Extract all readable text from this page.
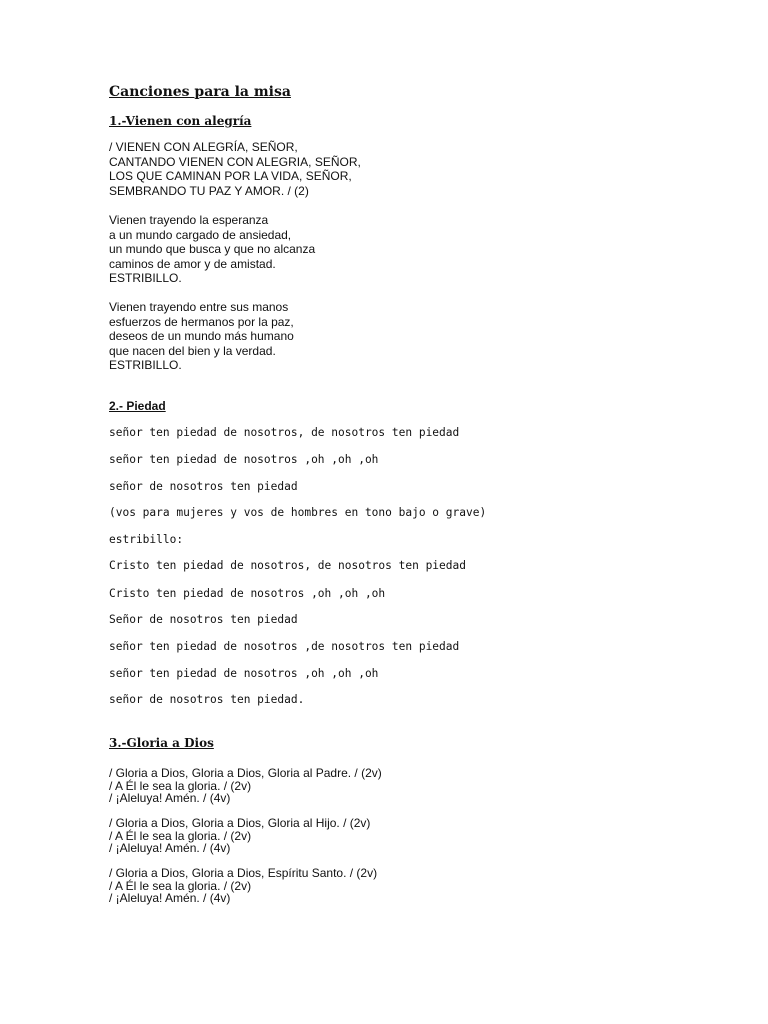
Canciones para la misa
1.-Vienen con alegría
/ VIENEN CON ALEGRÍA, SEÑOR,
CANTANDO VIENEN CON ALEGRIA, SEÑOR,
LOS QUE CAMINAN POR LA VIDA, SEÑOR,
SEMBRANDO TU PAZ Y AMOR. / (2)
Vienen trayendo la esperanza
a un mundo cargado de ansiedad,
un mundo que busca y que no alcanza
caminos de amor y de amistad.
ESTRIBILLO.
Vienen trayendo entre sus manos
esfuerzos de hermanos por la paz,
deseos de un mundo más humano
que nacen del bien y la verdad.
ESTRIBILLO.
2.- Piedad
señor ten piedad de nosotros, de nosotros ten piedad
señor ten piedad de nosotros ,oh ,oh ,oh
señor de nosotros ten piedad
(vos para mujeres y vos de hombres en tono bajo o grave)
estribillo:
Cristo ten piedad de nosotros, de nosotros ten piedad
Cristo ten piedad de nosotros ,oh ,oh ,oh
Señor de nosotros ten piedad
señor ten piedad de nosotros ,de nosotros ten piedad
señor ten piedad de nosotros ,oh ,oh ,oh
señor de nosotros ten piedad.
3.-Gloria a Dios
/ Gloria a Dios, Gloria a Dios, Gloria al Padre. / (2v)
/ A Él le sea la gloria. / (2v)
/ ¡Aleluya! Amén. / (4v)
/ Gloria a Dios, Gloria a Dios, Gloria al Hijo. / (2v)
/ A Él le sea la gloria. / (2v)
/ ¡Aleluya! Amén. / (4v)
/ Gloria a Dios, Gloria a Dios, Espíritu Santo. / (2v)
/ A Él le sea la gloria. / (2v)
/ ¡Aleluya! Amén. / (4v)
